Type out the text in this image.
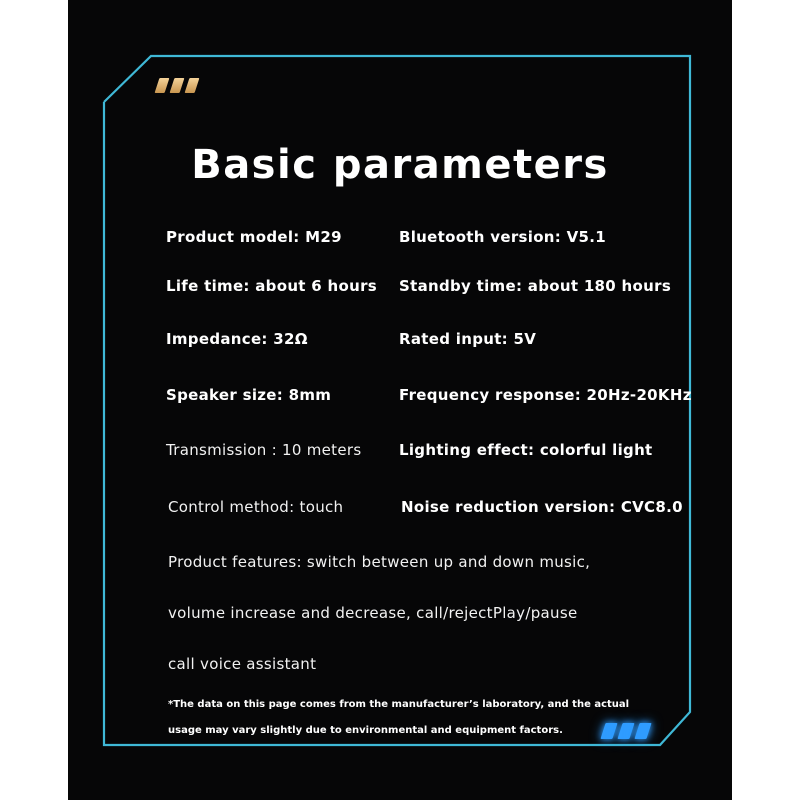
Basic parameters
Product model: M29	Bluetooth version: V5.1
Life time: about 6 hours Standby time: about 180 hours
Impedance: 32Ω	Rated input: 5V
Speaker size: 8mm	Frequency response: 20Hz-20KHz
Transmission : 10 meters	Lighting effect: colorful light
Control method: touch	Noise reduction version: CVC8.0
Product features: switch between up and down music,
volume increase and decrease, call/rejectPlay/pause
call voice assistant
*The data on this page comes from the manufacturer’s laboratory, and the actual
usage may vary slightly due to environmental and equipment factors.
